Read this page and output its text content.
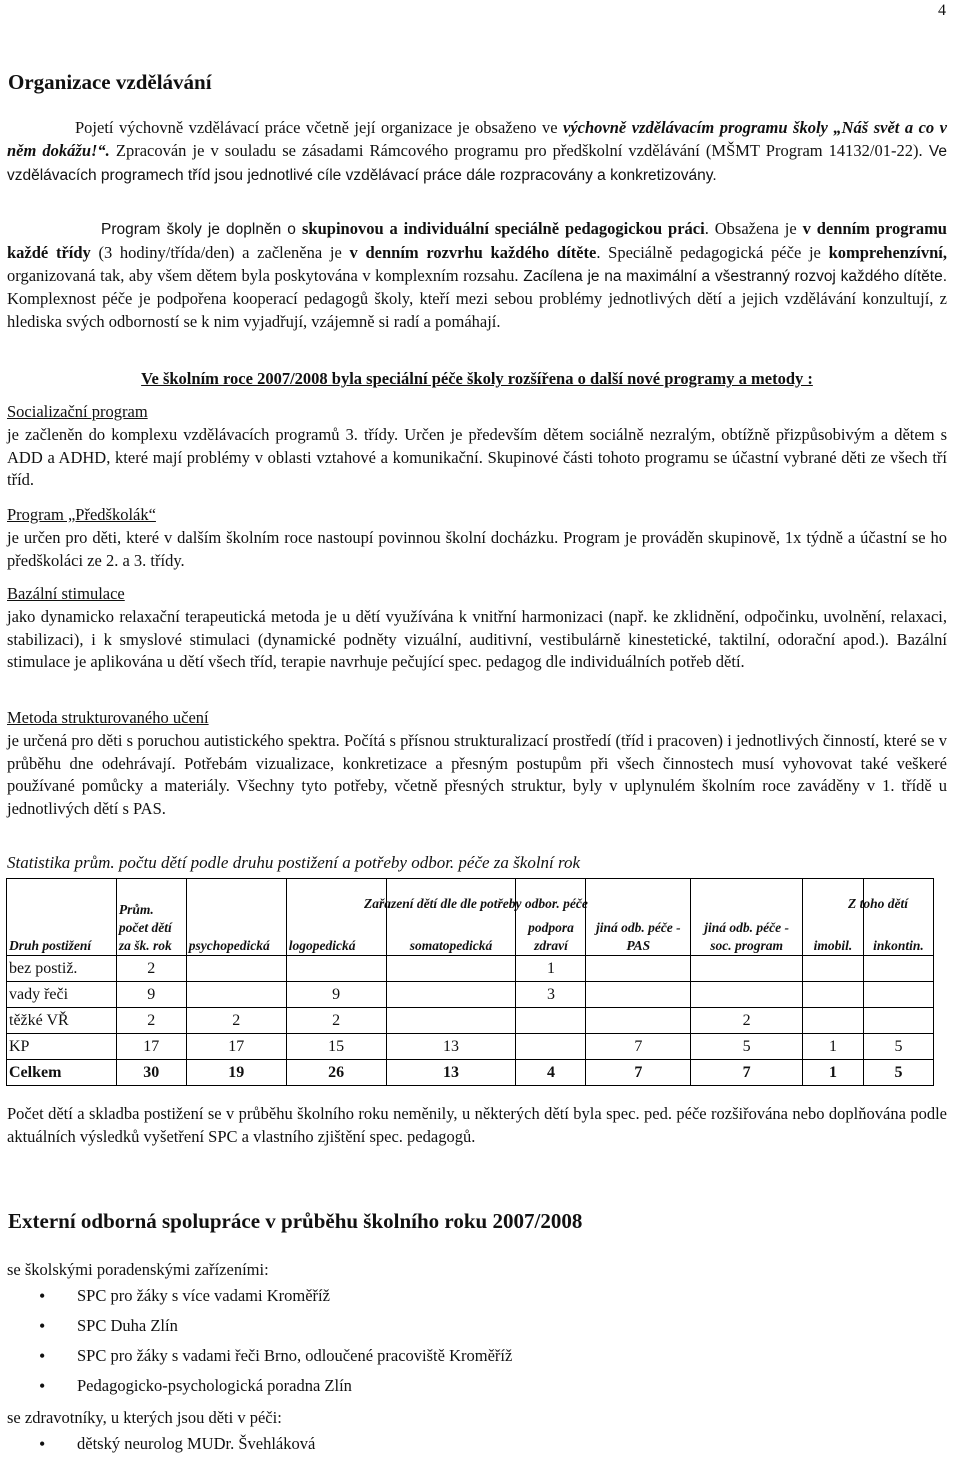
4
Organizace vzdělávání
Pojetí výchovně vzdělávací práce včetně její organizace je obsaženo ve výchovně vzdělávacím programu školy „Náš svět a co v něm dokážu!“. Zpracován je v souladu se zásadami Rámcového programu pro předškolní vzdělávání (MŠMT Program 14132/01-22). Ve vzdělávacích programech tříd jsou jednotlivé cíle vzdělávací práce dále rozpracovány a konkretizovány.
Program školy je doplněn o skupinovou a individuální speciálně pedagogickou práci. Obsažena je v denním programu každé třídy (3 hodiny/třída/den) a začleněna je v denním rozvrhu každého dítěte. Speciálně pedagogická péče je komprehenzívní, organizovaná tak, aby všem dětem byla poskytována v komplexním rozsahu. Zacílena je na maximální a všestranný rozvoj každého dítěte. Komplexnost péče je podpořena kooperací pedagogů školy, kteří mezi sebou problémy jednotlivých dětí a jejich vzdělávání konzultují, z hlediska svých odborností se k nim vyjadřují, vzájemně si radí a pomáhají.
Ve školním roce 2007/2008 byla speciální péče školy rozšířena o další nové programy a metody :
Socializační program
je začleněn do komplexu vzdělávacích programů 3. třídy. Určen je především dětem sociálně nezralým, obtížně přizpůsobivým a dětem s ADD a ADHD, které mají problémy v oblasti vztahové a komunikační. Skupinové části tohoto programu se účastní vybrané děti ze všech tří tříd.
Program „Předškolák“
je určen pro děti, které v dalším školním roce nastoupí povinnou školní docházku. Program je prováděn skupinově, 1x týdně a účastní se ho předškoláci ze 2. a 3. třídy.
Bazální stimulace
jako dynamicko relaxační terapeutická metoda je u dětí využívána k vnitřní harmonizaci (např. ke zklidnění, odpočinku, uvolnění, relaxaci, stabilizaci), i k smyslové stimulaci (dynamické podněty vizuální, auditivní, vestibulárně kinestetické, taktilní, odorační apod.). Bazální stimulace je aplikována u dětí všech tříd, terapie navrhuje pečující spec. pedagog dle individuálních potřeb dětí.
Metoda strukturovaného učení
je určená pro děti s poruchou autistického spektra. Počítá s přísnou strukturalizací prostředí (tříd i pracoven) i jednotlivých činností, které se v průběhu dne odehrávají. Potřebám vizualizace, konkretizace a přesným postupům při všech činnostech musí vyhovovat také veškeré používané pomůcky a materiály. Všechny tyto potřeby, včetně přesných struktur, byly v uplynulém školním roce zaváděny v 1. třídě u jednotlivých dětí s PAS.
Statistika prům. počtu dětí podle druhu postižení a potřeby odbor. péče za školní rok
Zařazení dětí dle dle potřeby odbor. péče	Z toho dětí
Druh postižení	Prům. počet dětí za šk. rok	psychopedická	logopedická	somatopedická	podpora zdraví	jiná odb. péče - PAS	jiná odb. péče - soc. program	imobil.	inkontin.
bez postiž.	2				1				
vady řeči	9		9		3				
těžké VŘ	2	2	2				2		
KP	17	17	15	13		7	5	1	5
Celkem	30	19	26	13	4	7	7	1	5
Počet dětí a skladba postižení se v průběhu školního roku neměnily, u některých dětí byla spec. ped. péče rozšiřována nebo doplňována podle aktuálních výsledků vyšetření SPC a vlastního zjištění spec. pedagogů.
Externí odborná spolupráce v průběhu školního roku 2007/2008
se školskými poradenskými zařízeními:
• SPC pro žáky s více vadami Kroměříž
• SPC Duha Zlín
• SPC pro žáky s vadami řeči Brno, odloučené pracoviště Kroměříž
• Pedagogicko-psychologická poradna Zlín
se zdravotníky, u kterých jsou děti v péči:
• dětský neurolog MUDr. Švehláková
